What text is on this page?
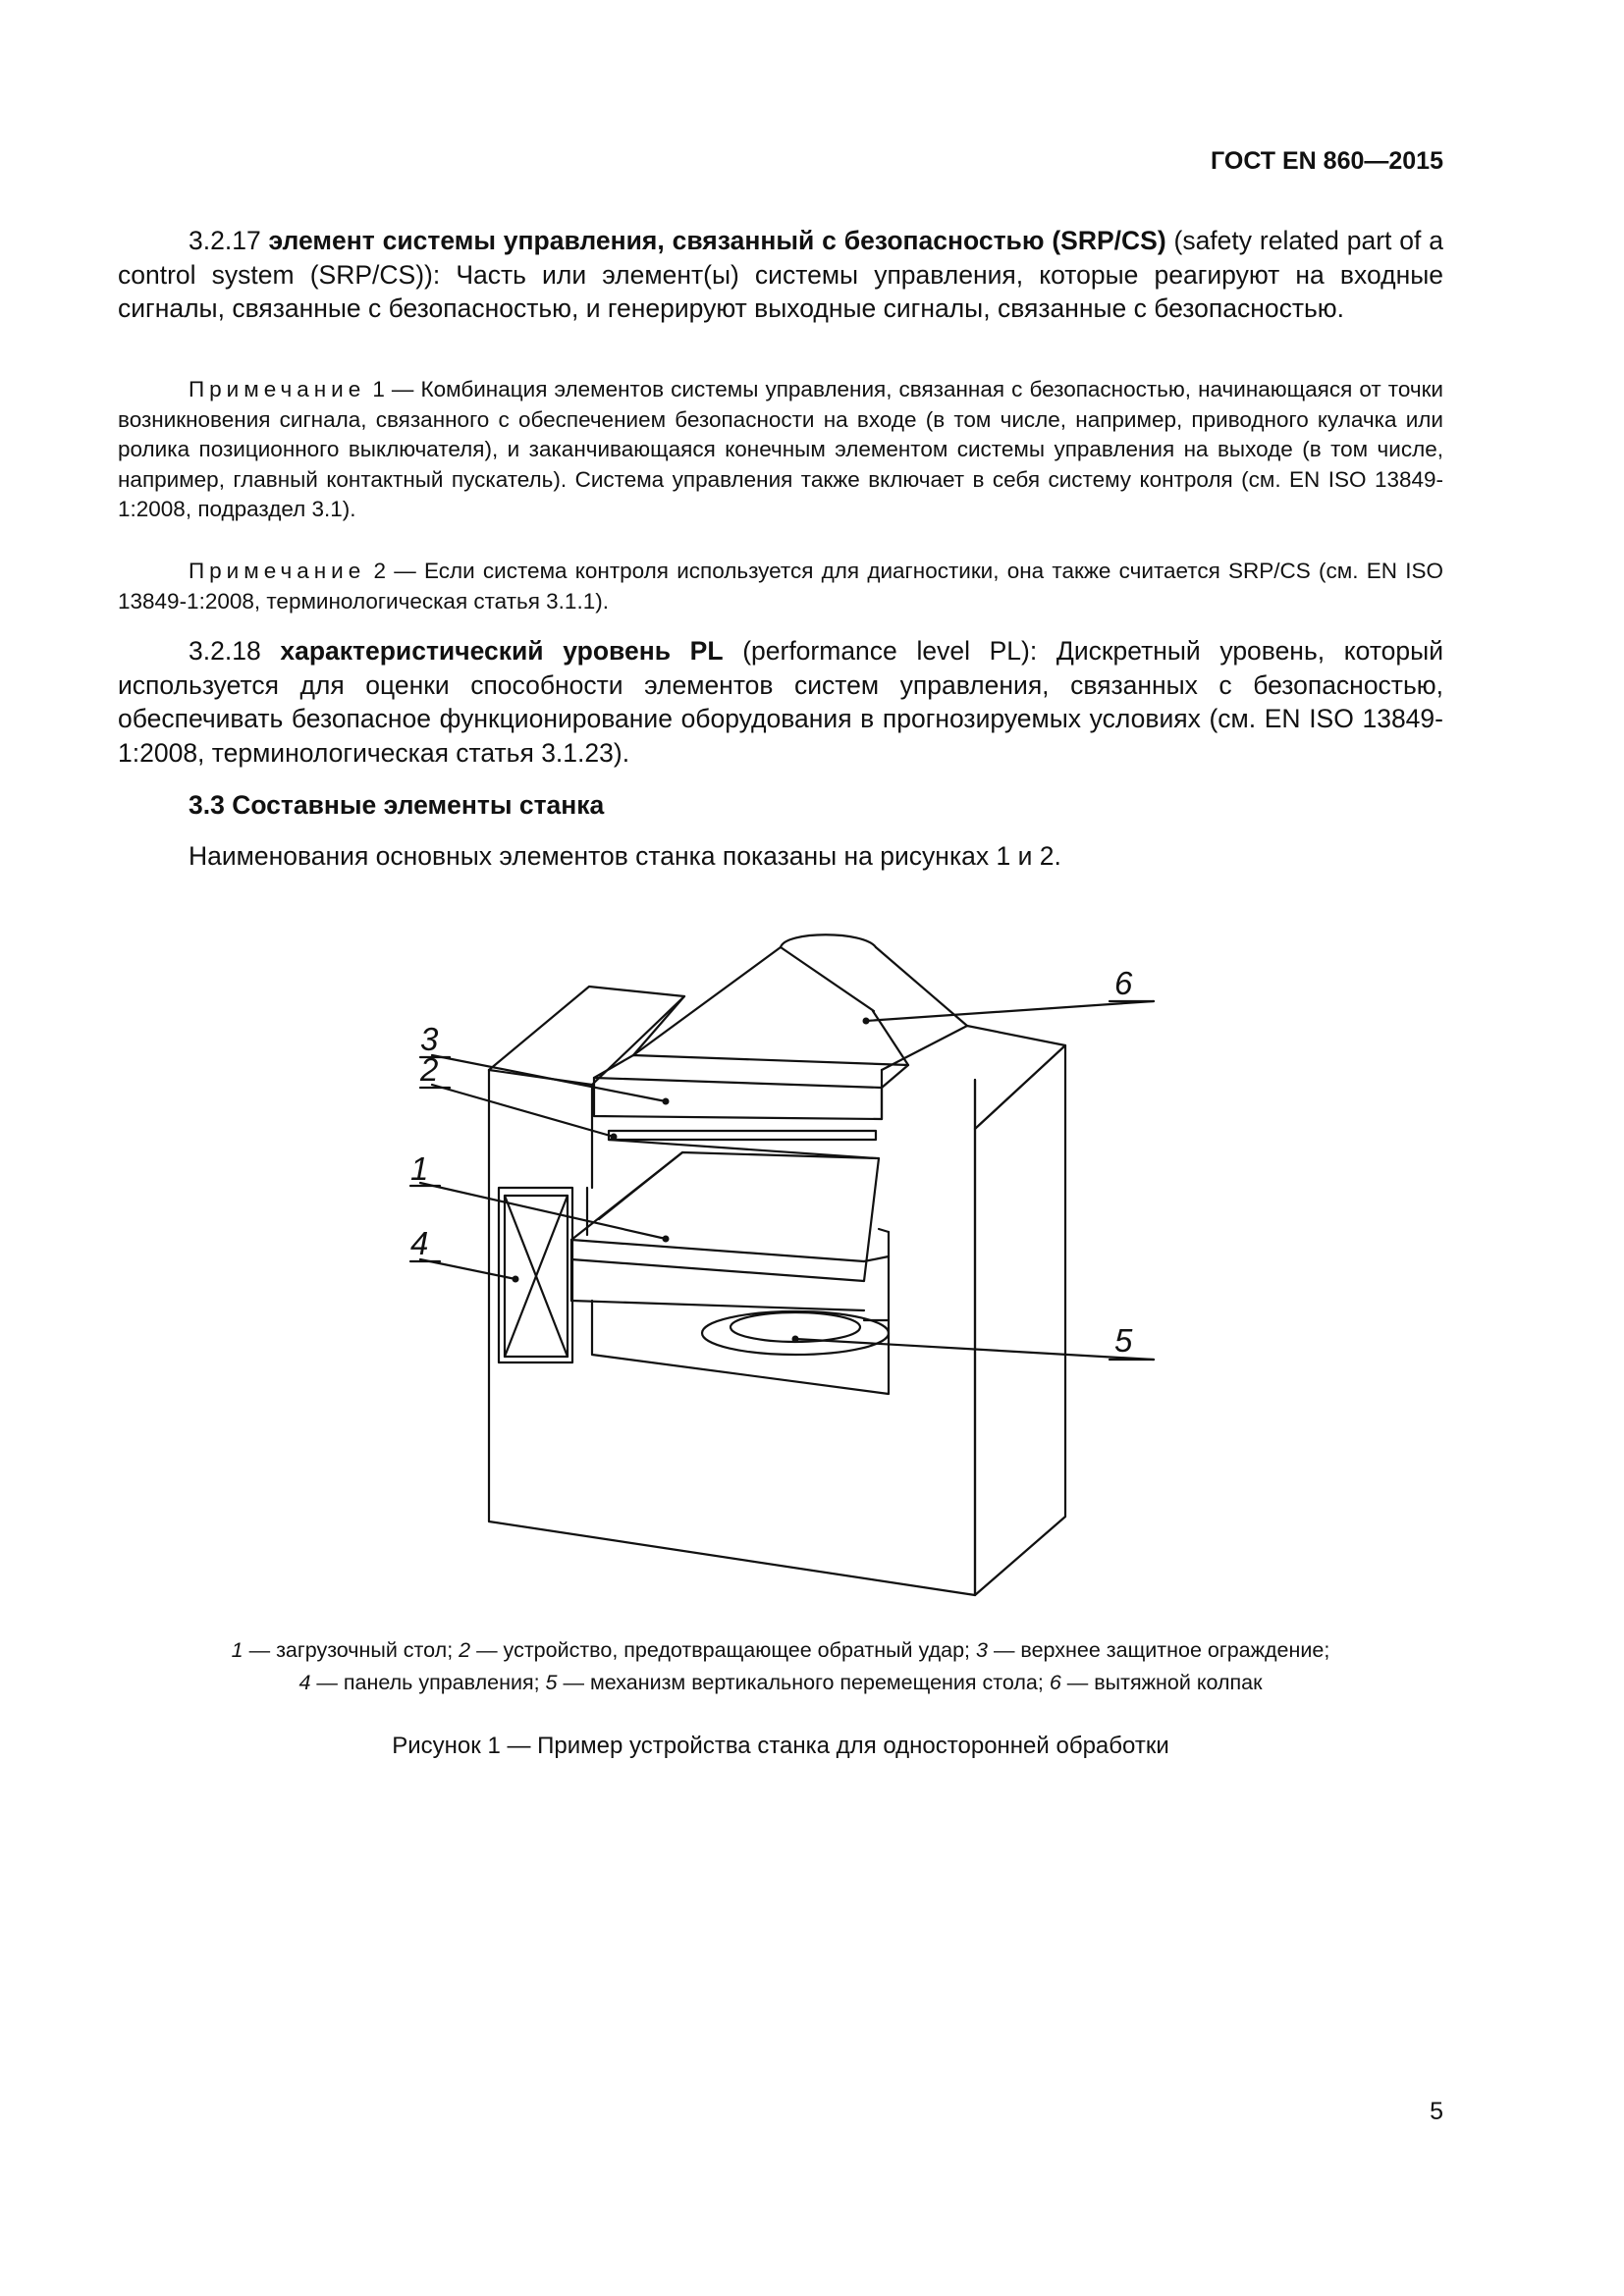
ГОСТ EN 860—2015
3.2.17 элемент системы управления, связанный с безопасностью (SRP/CS) (safety related part of a control system (SRP/CS)): Часть или элемент(ы) системы управления, которые реагируют на входные сигналы, связанные с безопасностью, и генерируют выходные сигналы, связанные с безопасностью.
Примечание 1 — Комбинация элементов системы управления, связанная с безопасностью, начинающаяся от точки возникновения сигнала, связанного с обеспечением безопасности на входе (в том числе, например, приводного кулачка или ролика позиционного выключателя), и заканчивающаяся конечным элементом системы управления на выходе (в том числе, например, главный контактный пускатель). Система управления также включает в себя систему контроля (см. EN ISO 13849-1:2008, подраздел 3.1).
Примечание 2 — Если система контроля используется для диагностики, она также считается SRP/CS (см. EN ISO 13849-1:2008, терминологическая статья 3.1.1).
3.2.18 характеристический уровень PL (performance level PL): Дискретный уровень, который используется для оценки способности элементов систем управления, связанных с безопасностью, обеспечивать безопасное функционирование оборудования в прогнозируемых условиях (см. EN ISO 13849-1:2008, терминологическая статья 3.1.23).
3.3 Составные элементы станка
Наименования основных элементов станка показаны на рисунках 1 и 2.
3
2
1
4
6
5
1 — загрузочный стол; 2 — устройство, предотвращающее обратный удар; 3 — верхнее защитное ограждение;
4 — панель управления; 5 — механизм вертикального перемещения стола; 6 — вытяжной колпак
Рисунок 1 — Пример устройства станка для односторонней обработки
5
